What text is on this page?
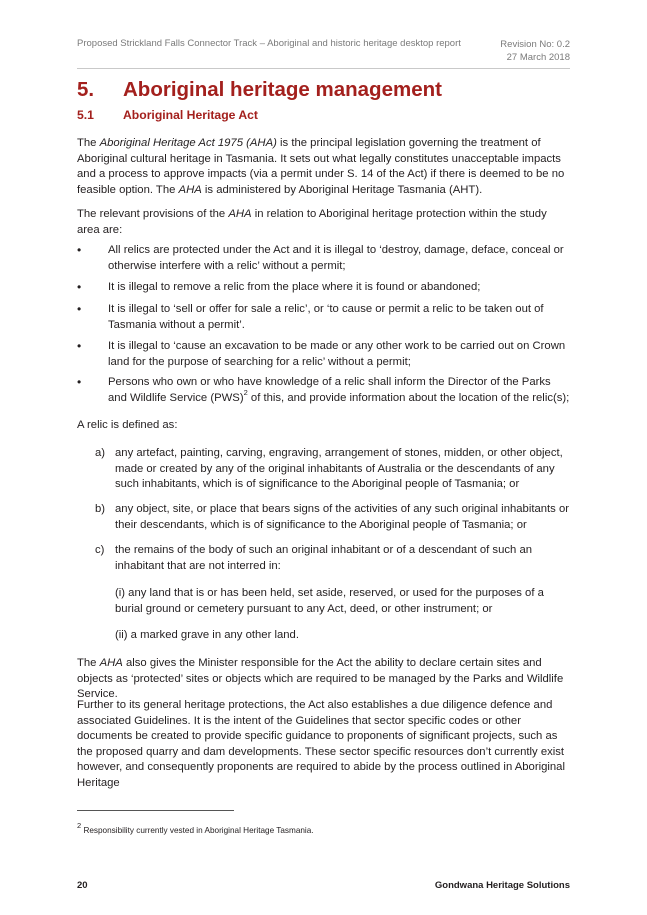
Proposed Strickland Falls Connector Track – Aboriginal and historic heritage desktop report	Revision No: 0.2
27 March 2018
5. Aboriginal heritage management
5.1 Aboriginal Heritage Act

The Aboriginal Heritage Act 1975 (AHA) is the principal legislation governing the treatment of Aboriginal cultural heritage in Tasmania. It sets out what legally constitutes unacceptable impacts and a process to approve impacts (via a permit under S. 14 of the Act) if there is deemed to be no feasible option. The AHA is administered by Aboriginal Heritage Tasmania (AHT).

The relevant provisions of the AHA in relation to Aboriginal heritage protection within the study area are:

• All relics are protected under the Act and it is illegal to ‘destroy, damage, deface, conceal or otherwise interfere with a relic’ without a permit;
• It is illegal to remove a relic from the place where it is found or abandoned;
• It is illegal to ‘sell or offer for sale a relic’, or ‘to cause or permit a relic to be taken out of Tasmania without a permit’.
• It is illegal to ‘cause an excavation to be made or any other work to be carried out on Crown land for the purpose of searching for a relic’ without a permit;
• Persons who own or who have knowledge of a relic shall inform the Director of the Parks and Wildlife Service (PWS)$^2$ of this, and provide information about the location of the relic(s);
A relic is defined as:
a) any artefact, painting, carving, engraving, arrangement of stones, midden, or other object, made or created by any of the original inhabitants of Australia or the descendants of any such inhabitants, which is of significance to the Aboriginal people of Tasmania; or
b) any object, site, or place that bears signs of the activities of any such original inhabitants or their descendants, which is of significance to the Aboriginal people of Tasmania; or
c) the remains of the body of such an original inhabitant or of a descendant of such an inhabitant that are not interred in:
(i) any land that is or has been held, set aside, reserved, or used for the purposes of a burial ground or cemetery pursuant to any Act, deed, or other instrument; or
(ii) a marked grave in any other land.

The AHA also gives the Minister responsible for the Act the ability to declare certain sites and objects as ‘protected’ sites or objects which are required to be managed by the Parks and Wildlife Service.

Further to its general heritage protections, the Act also establishes a due diligence defence and associated Guidelines. It is the intent of the Guidelines that sector specific codes or other documents be created to provide specific guidance to proponents of significant projects, such as the proposed quarry and dam developments. These sector specific resources don’t currently exist however, and consequently proponents are required to abide by the process outlined in Aboriginal Heritage
$^2$ Responsibility currently vested in Aboriginal Heritage Tasmania.
20	Gondwana Heritage Solutions
